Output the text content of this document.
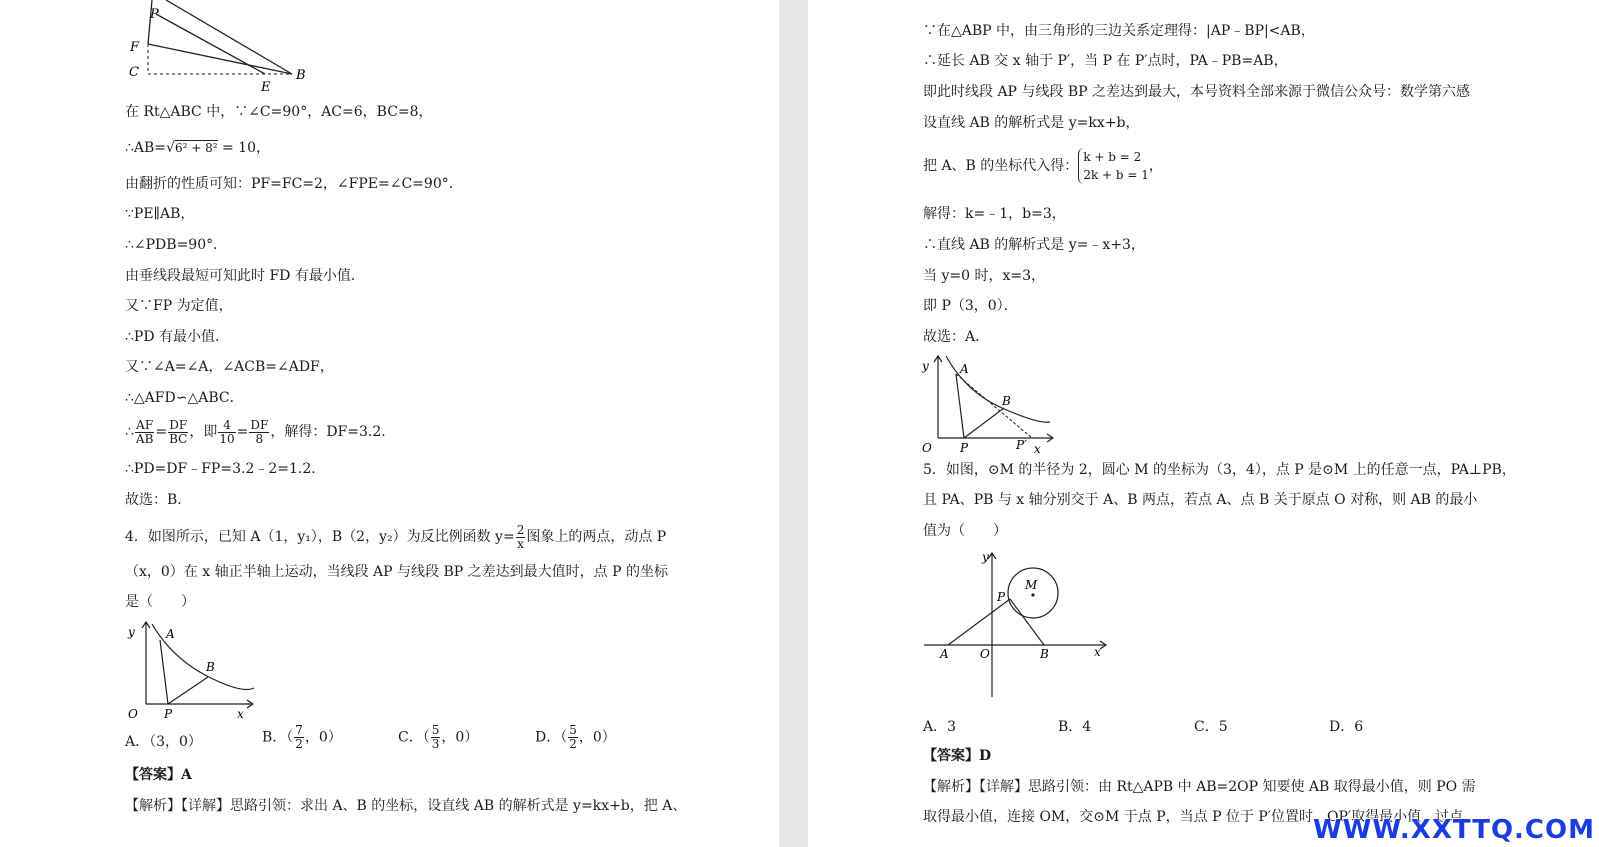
P
F
C
E
B
在 Rt△ABC 中，∵∠C=90°，AC=6，BC=8，
∴AB=√6² + 8² = 10，
由翻折的性质可知：PF=FC=2，∠FPE=∠C=90°．
∵PE∥AB，
∴∠PDB=90°．
由垂线段最短可知此时 FD 有最小值．
又∵FP 为定值，
∴PD 有最小值．
又∵∠A=∠A，∠ACB=∠ADF，
∴△AFD∽△ABC．
∴ $\frac{AF}{AB} = \frac{DF}{BC}$ ，即 $\frac{4}{10} = \frac{DF}{8}$ ，解得：DF=3.2．
∴PD=DF﹣FP=3.2﹣2=1.2．
故选：B．
4．如图所示，已知 A（1，y₁），B（2，y₂）为反比例函数 $y= \frac{2}{x}$ 图象上的两点，动点 P
（x，0）在 x 轴正半轴上运动，当线段 AP 与线段 BP 之差达到最大值时，点 P 的坐标
是（　　）
y	A
B
O P	x
A．（3，0）	B．（ $\frac{7}{2}$ ，0）	C．（ $\frac{5}{3}$ ，0）	D．（ $\frac{5}{2}$ ，0）
【答案】A
【解析】【详解】思路引领：求出 A、B 的坐标，设直线 AB 的解析式是 y=kx+b，把 A、

∵在△ABP 中，由三角形的三边关系定理得：|AP﹣BP|<AB，
∴延长 AB 交 x 轴于 P′，当 P 在 P′点时，PA﹣PB=AB，
即此时线段 AP 与线段 BP 之差达到最大，本号资料全部来源于微信公众号：数学第六感
设直线 AB 的解析式是 y=kx+b，
把 A、B 的坐标代入得：
k + b = 2
2k + b = 1
，
解得：k=﹣1，b=3，
∴直线 AB 的解析式是 y=﹣x+3，
当 y=0 时，x=3，
即 P（3，0）．
故选：A．
y	A
B
O P	P′ x
5．如图，⊙M 的半径为 2，圆心 M 的坐标为（3，4），点 P 是⊙M 上的任意一点，PA⊥PB，
且 PA、PB 与 x 轴分别交于 A、B 两点，若点 A、点 B 关于原点 O 对称，则 AB 的最小
值为（　　）
y
M
P
A	O	B	x
A．3	B．4	C．5	D．6
【答案】D
【解析】【详解】思路引领：由 Rt△APB 中 AB=2OP 知要使 AB 取得最小值，则 PO 需
取得最小值，连接 OM，交⊙M 于点 P，当点 P 位于 P′位置时，OP′取得最小值，过点
WWW.XXTTQ.COM
